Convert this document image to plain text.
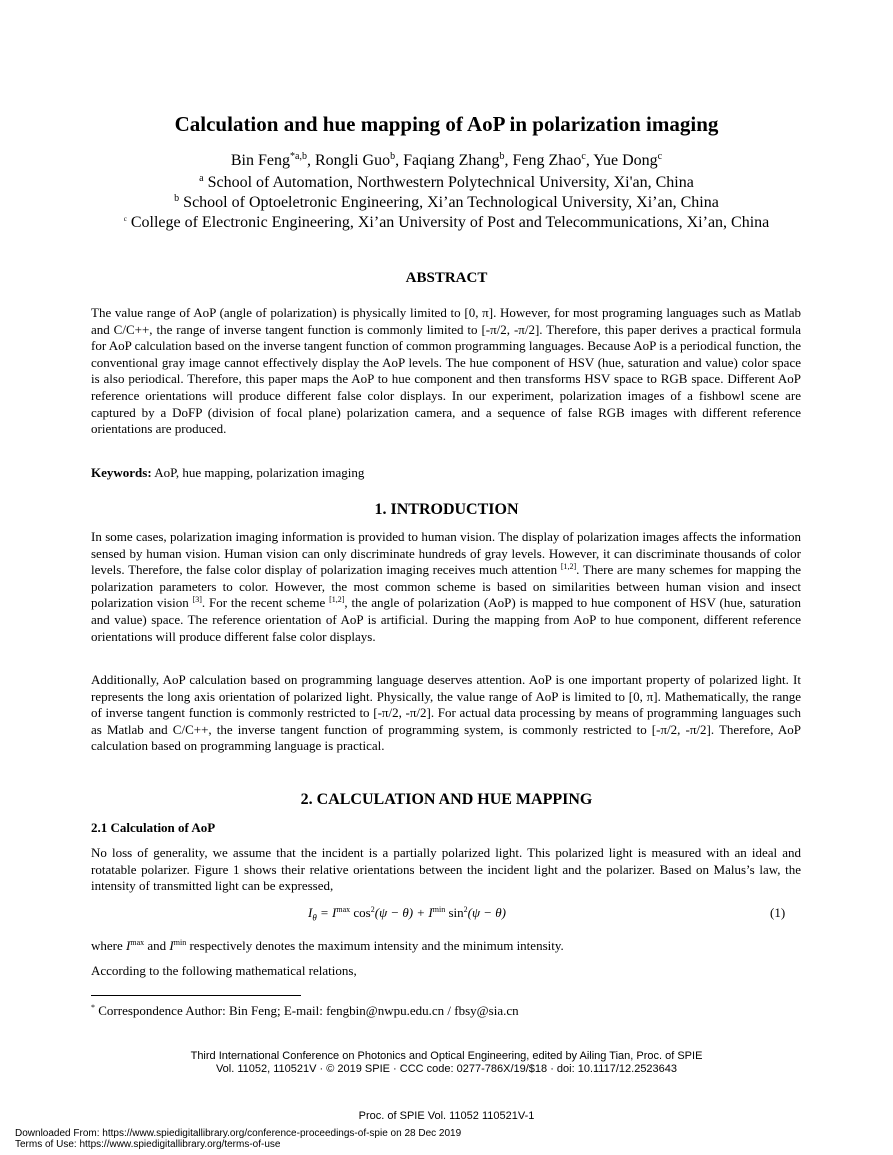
Calculation and hue mapping of AoP in polarization imaging
Bin Feng$^{*a,b}$, Rongli Guo$^b$, Faqiang Zhang$^b$, Feng Zhao$^c$, Yue Dong$^c$
$^a$ School of Automation, Northwestern Polytechnical University, Xi'an, China
$^b$ School of Optoeletronic Engineering, Xi’an Technological University, Xi’an, China
$^c$ College of Electronic Engineering, Xi’an University of Post and Telecommunications, Xi’an, China
ABSTRACT
The value range of AoP (angle of polarization) is physically limited to [0, π]. However, for most programing languages such as Matlab and C/C++, the range of inverse tangent function is commonly limited to [-π/2, -π/2]. Therefore, this paper derives a practical formula for AoP calculation based on the inverse tangent function of common programming languages. Because AoP is a periodical function, the conventional gray image cannot effectively display the AoP levels. The hue component of HSV (hue, saturation and value) color space is also periodical. Therefore, this paper maps the AoP to hue component and then transforms HSV space to RGB space. Different AoP reference orientations will produce different false color displays. In our experiment, polarization images of a fishbowl scene are captured by a DoFP (division of focal plane) polarization camera, and a sequence of false RGB images with different reference orientations are produced.
Keywords: AoP, hue mapping, polarization imaging
1. INTRODUCTION
In some cases, polarization imaging information is provided to human vision. The display of polarization images affects the information sensed by human vision. Human vision can only discriminate hundreds of gray levels. However, it can discriminate thousands of color levels. Therefore, the false color display of polarization imaging receives much attention [1,2]. There are many schemes for mapping the polarization parameters to color. However, the most common scheme is based on similarities between human vision and insect polarization vision [3]. For the recent scheme [1,2], the angle of polarization (AoP) is mapped to hue component of HSV (hue, saturation and value) space. The reference orientation of AoP is artificial. During the mapping from AoP to hue component, different reference orientations will produce different false color displays.
Additionally, AoP calculation based on programming language deserves attention. AoP is one important property of polarized light. It represents the long axis orientation of polarized light. Physically, the value range of AoP is limited to [0, π]. Mathematically, the range of inverse tangent function is commonly restricted to [-π/2, -π/2]. For actual data processing by means of programming languages such as Matlab and C/C++, the inverse tangent function of programming system, is commonly restricted to [-π/2, -π/2]. Therefore, AoP calculation based on programming language is practical.
2. CALCULATION AND HUE MAPPING
2.1 Calculation of AoP
No loss of generality, we assume that the incident is a partially polarized light. This polarized light is measured with an ideal and rotatable polarizer. Figure 1 shows their relative orientations between the incident light and the polarizer. Based on Malus’s law, the intensity of transmitted light can be expressed,
$I_\theta = I^{max}$ $\cos^2(\psi - \theta) + I^{min}$ $\sin^2(\psi - \theta)$	(1)
where $I^{max}$ and $I^{min}$ respectively denotes the maximum intensity and the minimum intensity.
According to the following mathematical relations,
* Correspondence Author: Bin Feng; E-mail: fengbin@nwpu.edu.cn / fbsy@sia.cn
Third International Conference on Photonics and Optical Engineering, edited by Ailing Tian, Proc. of SPIE
Vol. 11052, 110521V · © 2019 SPIE · CCC code: 0277-786X/19/$18 · doi: 10.1117/12.2523643
Proc. of SPIE Vol. 11052 110521V-1
Downloaded From: https://www.spiedigitallibrary.org/conference-proceedings-of-spie on 28 Dec 2019
Terms of Use: https://www.spiedigitallibrary.org/terms-of-use
